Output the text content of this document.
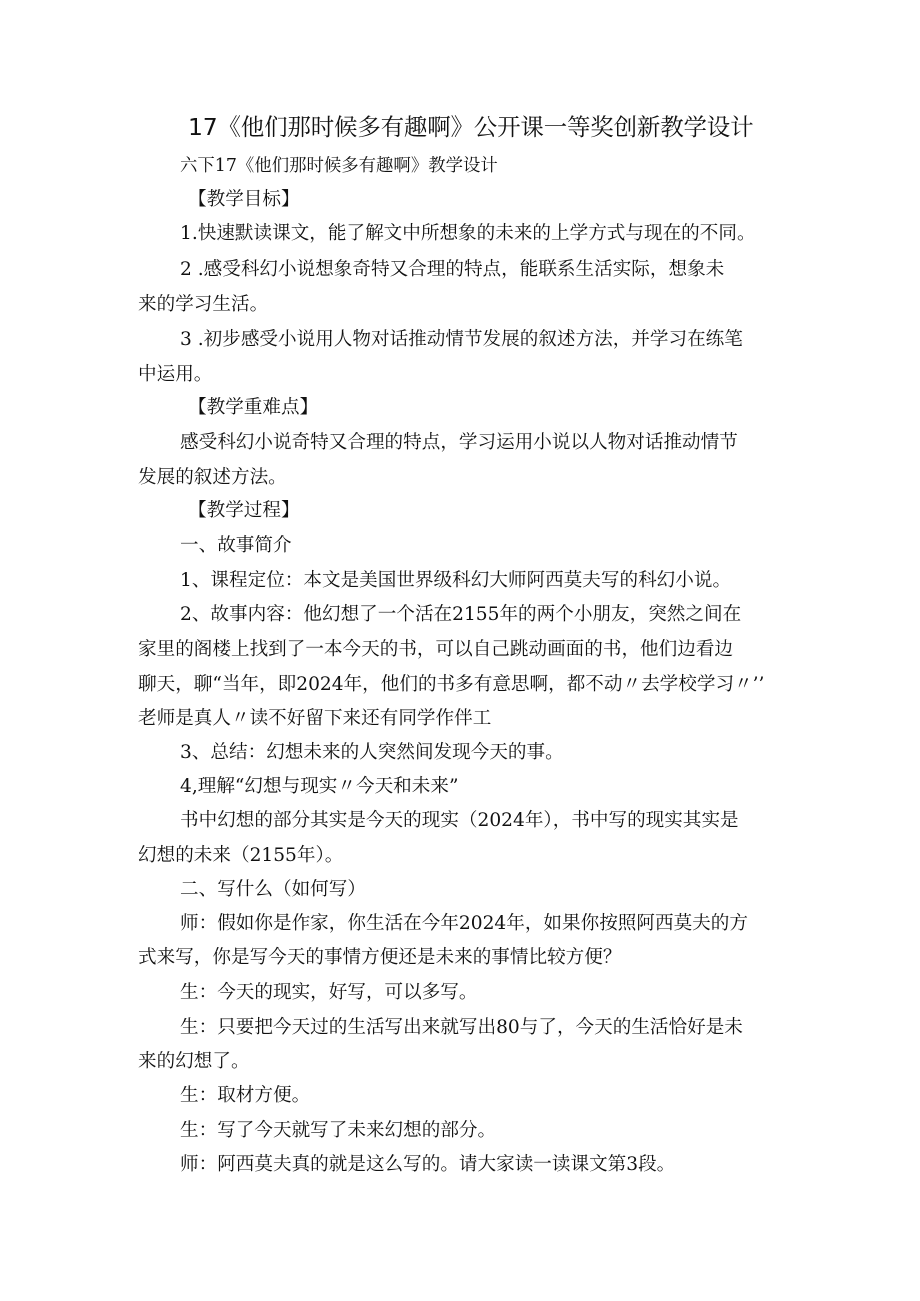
17《他们那时候多有趣啊》公开课一等奖创新教学设计
六下17《他们那时候多有趣啊》教学设计
【教学目标】
1.快速默读课文，能了解文中所想象的未来的上学方式与现在的不同。
2 .感受科幻小说想象奇特又合理的特点，能联系生活实际，想象未
来的学习生活。
3 .初步感受小说用人物对话推动情节发展的叙述方法，并学习在练笔
中运用。
【教学重难点】
感受科幻小说奇特又合理的特点，学习运用小说以人物对话推动情节
发展的叙述方法。
【教学过程】
一、故事简介
1、课程定位：本文是美国世界级科幻大师阿西莫夫写的科幻小说。
2、故事内容：他幻想了一个活在2155年的两个小朋友，突然之间在
家里的阁楼上找到了一本今天的书，可以自己跳动画面的书，他们边看边
聊天，聊“当年，即2024年，他们的书多有意思啊，都不动〃去学校学习〃’’
老师是真人〃读不好留下来还有同学作伴工
3、总结：幻想未来的人突然间发现今天的事。
4,理解“幻想与现实〃今天和未来”
书中幻想的部分其实是今天的现实（2024年），书中写的现实其实是
幻想的未来（2155年）。
二、写什么（如何写）
师：假如你是作家，你生活在今年2024年，如果你按照阿西莫夫的方
式来写，你是写今天的事情方便还是未来的事情比较方便？
生：今天的现实，好写，可以多写。
生：只要把今天过的生活写出来就写出80与了，今天的生活恰好是未
来的幻想了。
生：取材方便。
生：写了今天就写了未来幻想的部分。
师：阿西莫夫真的就是这么写的。请大家读一读课文第3段。
